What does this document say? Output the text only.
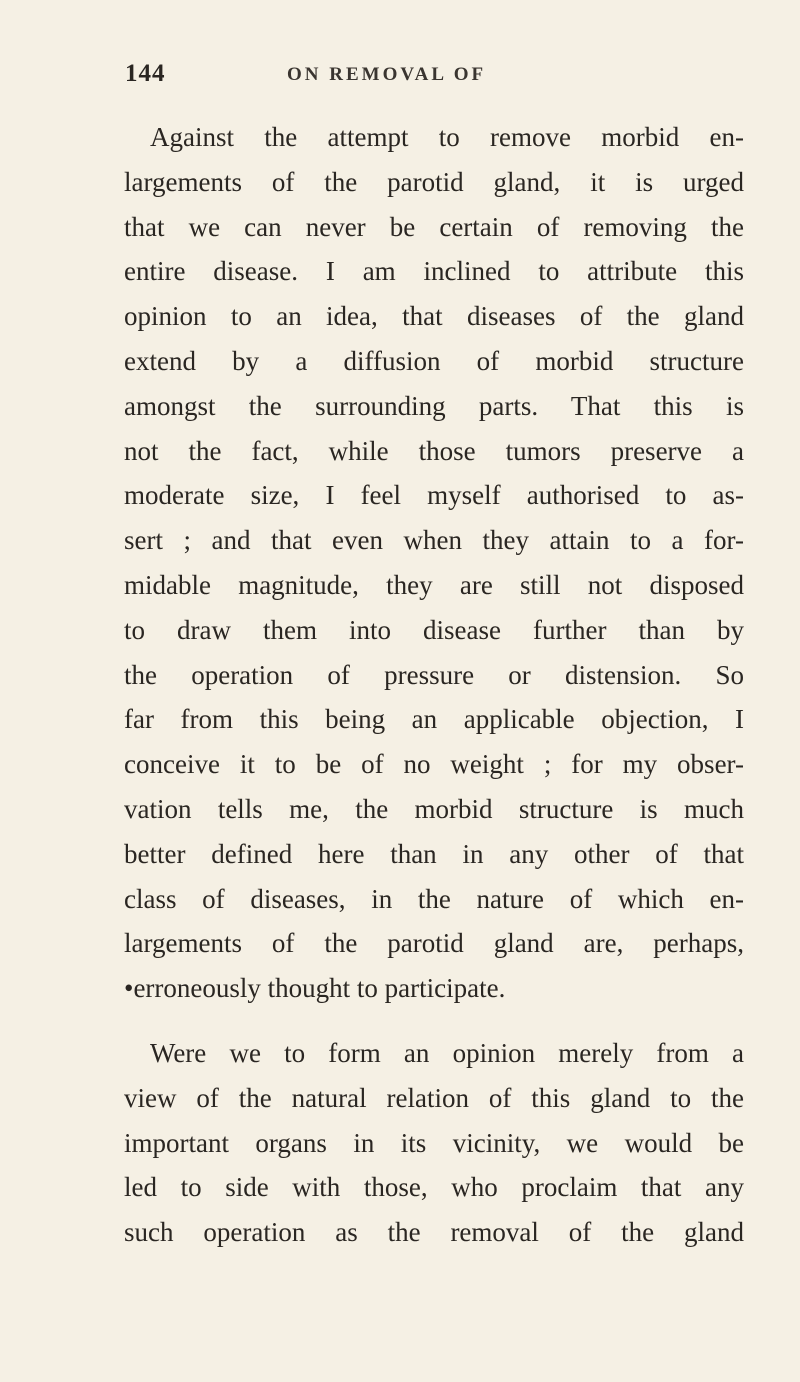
144	ON REMOVAL OF
Against the attempt to remove morbid en-
largements of the parotid gland, it is urged
that we can never be certain of removing the
entire disease. I am inclined to attribute this
opinion to an idea, that diseases of the gland
extend by a diffusion of morbid structure
amongst the surrounding parts. That this is
not the fact, while those tumors preserve a
moderate size, I feel myself authorised to as-
sert ; and that even when they attain to a for-
midable magnitude, they are still not disposed
to draw them into disease further than by
the operation of pressure or distension. So
far from this being an applicable objection, I
conceive it to be of no weight ; for my obser-
vation tells me, the morbid structure is much
better defined here than in any other of that
class of diseases, in the nature of which en-
largements of the parotid gland are, perhaps,
•erroneously thought to participate.
Were we to form an opinion merely from a
view of the natural relation of this gland to the
important organs in its vicinity, we would be
led to side with those, who proclaim that any
such operation as the removal of the gland
